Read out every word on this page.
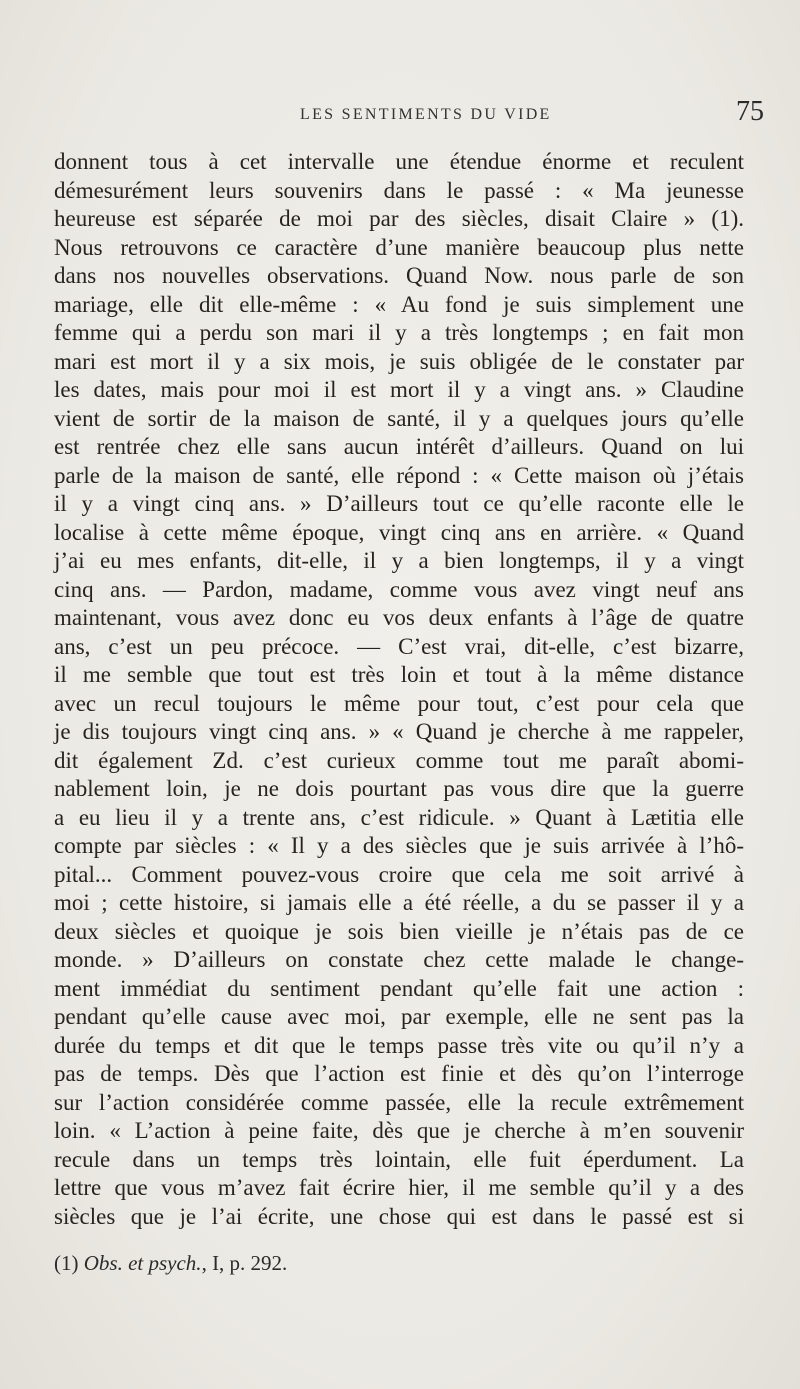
LES SENTIMENTS DU VIDE	75
donnent tous à cet intervalle une étendue énorme et reculent
démesurément leurs souvenirs dans le passé : « Ma jeunesse
heureuse est séparée de moi par des siècles, disait Claire » (1).
Nous retrouvons ce caractère d’une manière beaucoup plus nette
dans nos nouvelles observations. Quand Now. nous parle de son
mariage, elle dit elle-même : « Au fond je suis simplement une
femme qui a perdu son mari il y a très longtemps ; en fait mon
mari est mort il y a six mois, je suis obligée de le constater par
les dates, mais pour moi il est mort il y a vingt ans. » Claudine
vient de sortir de la maison de santé, il y a quelques jours qu’elle
est rentrée chez elle sans aucun intérêt d’ailleurs. Quand on lui
parle de la maison de santé, elle répond : « Cette maison où j’étais
il y a vingt cinq ans. » D’ailleurs tout ce qu’elle raconte elle le
localise à cette même époque, vingt cinq ans en arrière. « Quand
j’ai eu mes enfants, dit-elle, il y a bien longtemps, il y a vingt
cinq ans. — Pardon, madame, comme vous avez vingt neuf ans
maintenant, vous avez donc eu vos deux enfants à l’âge de quatre
ans, c’est un peu précoce. — C’est vrai, dit-elle, c’est bizarre,
il me semble que tout est très loin et tout à la même distance
avec un recul toujours le même pour tout, c’est pour cela que
je dis toujours vingt cinq ans. » « Quand je cherche à me rappeler,
dit également Zd. c’est curieux comme tout me paraît abomi-
nablement loin, je ne dois pourtant pas vous dire que la guerre
a eu lieu il y a trente ans, c’est ridicule. » Quant à Lætitia elle
compte par siècles : « Il y a des siècles que je suis arrivée à l’hô-
pital... Comment pouvez-vous croire que cela me soit arrivé à
moi ; cette histoire, si jamais elle a été réelle, a du se passer il y a
deux siècles et quoique je sois bien vieille je n’étais pas de ce
monde. » D’ailleurs on constate chez cette malade le change-
ment immédiat du sentiment pendant qu’elle fait une action :
pendant qu’elle cause avec moi, par exemple, elle ne sent pas la
durée du temps et dit que le temps passe très vite ou qu’il n’y a
pas de temps. Dès que l’action est finie et dès qu’on l’interroge
sur l’action considérée comme passée, elle la recule extrêmement
loin. « L’action à peine faite, dès que je cherche à m’en souvenir
recule dans un temps très lointain, elle fuit éperdument. La
lettre que vous m’avez fait écrire hier, il me semble qu’il y a des
siècles que je l’ai écrite, une chose qui est dans le passé est si
(1) Obs. et psych., I, p. 292.
